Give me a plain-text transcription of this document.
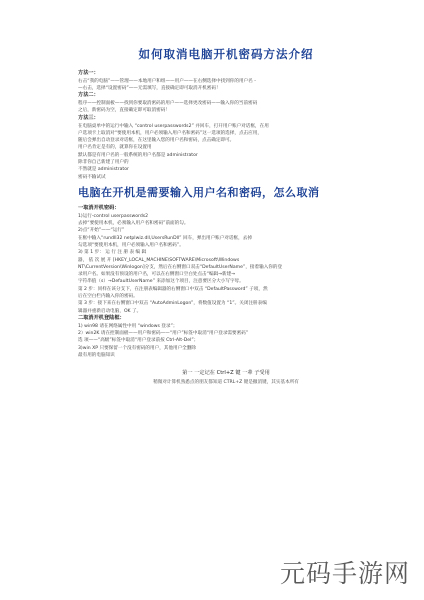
如何取消电脑开机密码方法介绍
方法一：
右击“我的电脑”——管理——本地用户和组——用户——在右侧选择中找到你的用户名 -
—右击，选择“设置密码”——无需填写，直接确定即可取消开机密码！
方法二：
程序——控制面板——找到你要取消密码的用户——选择更改密码——输入你的当前密码
之后，新密码为空，直接确定即可取消密码！
方法三：
在电脑桌单中的运行中输入 “control userpasswords2” 并回车，打开用户账户对话框，在用
户选项卡上取消对“要使用本机，用户必须输入用户名和密码”这一选项的选择，点击应用，
随后会弹出自动登录对话框，在这里输入您的用户名和密码，点击确定即可。
用户名肯定是有的，就算你在设置用
默认都是有用户名的一般系统的用户名都是 administrator
除非你自己新建了用户的
不然就是 administrator
密码不输试试
电脑在开机是需要输入用户名和密码，怎么取消
一取消开机密码：
1)运行-control userpasswords2
去掉“要使用本机，必须输入用户名和密码”前面的勾。
2)点“开始”——“运行”
在框中输入“rundll32 netplwiz.dll,UsersRunDll” 回车，弹出用户账户对话框，去掉
勾选项“要使用本机，用户必须输入用户名和密码”。
3) 第 1 步： 运 行 注 册 表 编 辑
器， 依 次 展 开 [HKEY_LOCAL_MACHINE\SOFTWARE\Microsoft\Windows
NT\CurrentVersion\Winlogon]分支，然后在右侧窗口双击“DefaultUserName”，接着输入你的登
录用户名。如果没有预设的用户名，可以在右侧窗口空白处点击“编辑→新建→
字符串值（s）→DefaultUserName” 来添加这个项目，注意要区分大小写字母。
第 2 步：同样在该分支下，在注册表编辑器的右侧窗口中双击 “DefaultPassword” 子项，然
后在空白栏内输入你的密码。
第 3 步：接下来在右侧窗口中双击 “AutoAdminLogon”，将数值设置为 “1”。关闭注册表编
辑器并重新启动电脑，OK 了。
二取消开机登陆框：
1) win98 请在网络属性中用 “windows 登录”；
2）win2K 请在控制面板——用户和密码——“用户”标签中取消“用户登录需要密码”
选 项——“高级”标签中取消“用户登录前按 Ctrl-Alt-Del”；
3)win XP 只要保留一个没有密码的用户，其他用户全删除
最有用的电脑知识
第一 一定记在 Ctrl+Z 键 一辈 子受用
稍微对计算机熟悉点的朋友都知道 CTRL+Z 键是撤消键，其实基本所有
元码手游网
